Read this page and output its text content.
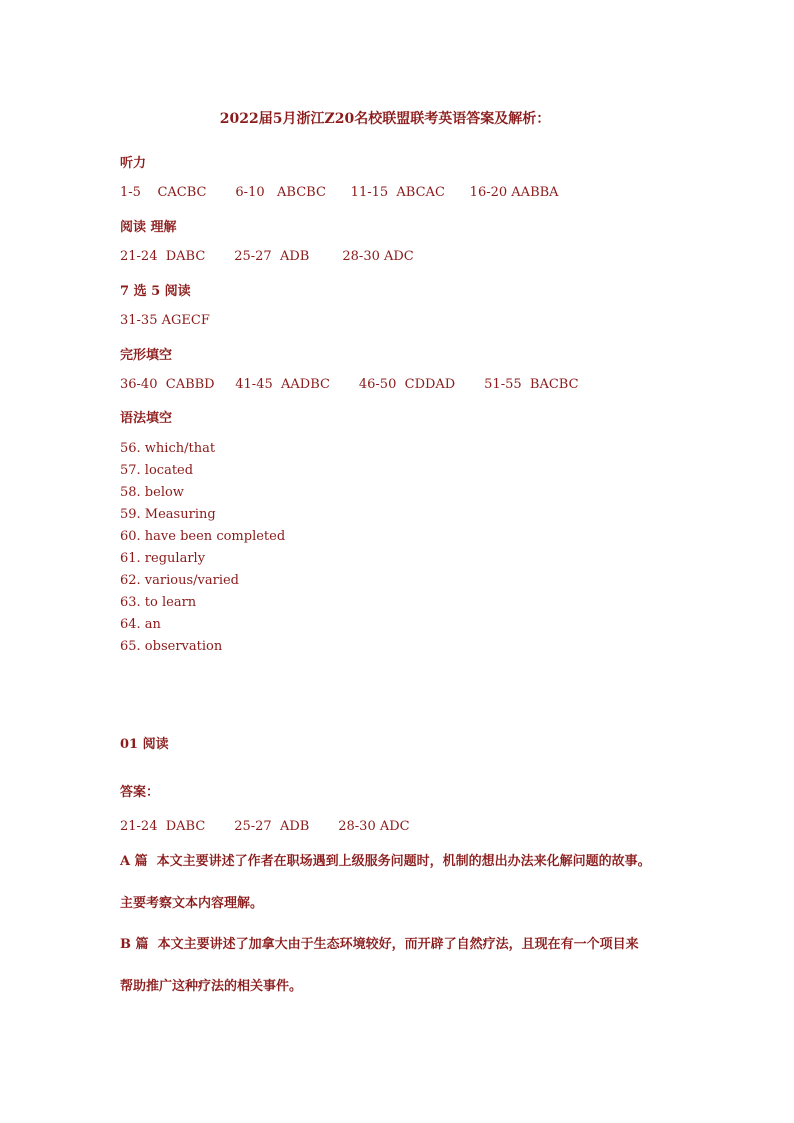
2022届5月浙江Z20名校联盟联考英语答案及解析：
听力
1-5    CACBC       6-10   ABCBC      11-15  ABCAC      16-20 AABBA
阅读 理解
21-24  DABC       25-27  ADB        28-30 ADC
7 选 5 阅读
31-35 AGECF
完形填空
36-40  CABBD     41-45  AADBC       46-50  CDDAD       51-55  BACBC
语法填空
56. which/that
57. located
58. below
59. Measuring
60. have been completed
61. regularly
62. various/varied
63. to learn
64. an
65. observation
01 阅读
答案：
21-24  DABC       25-27  ADB       28-30 ADC
A 篇  本文主要讲述了作者在职场遇到上级服务问题时，机制的想出办法来化解问题的故事。
主要考察文本内容理解。
B 篇  本文主要讲述了加拿大由于生态环境较好，而开辟了自然疗法，且现在有一个项目来
帮助推广这种疗法的相关事件。
